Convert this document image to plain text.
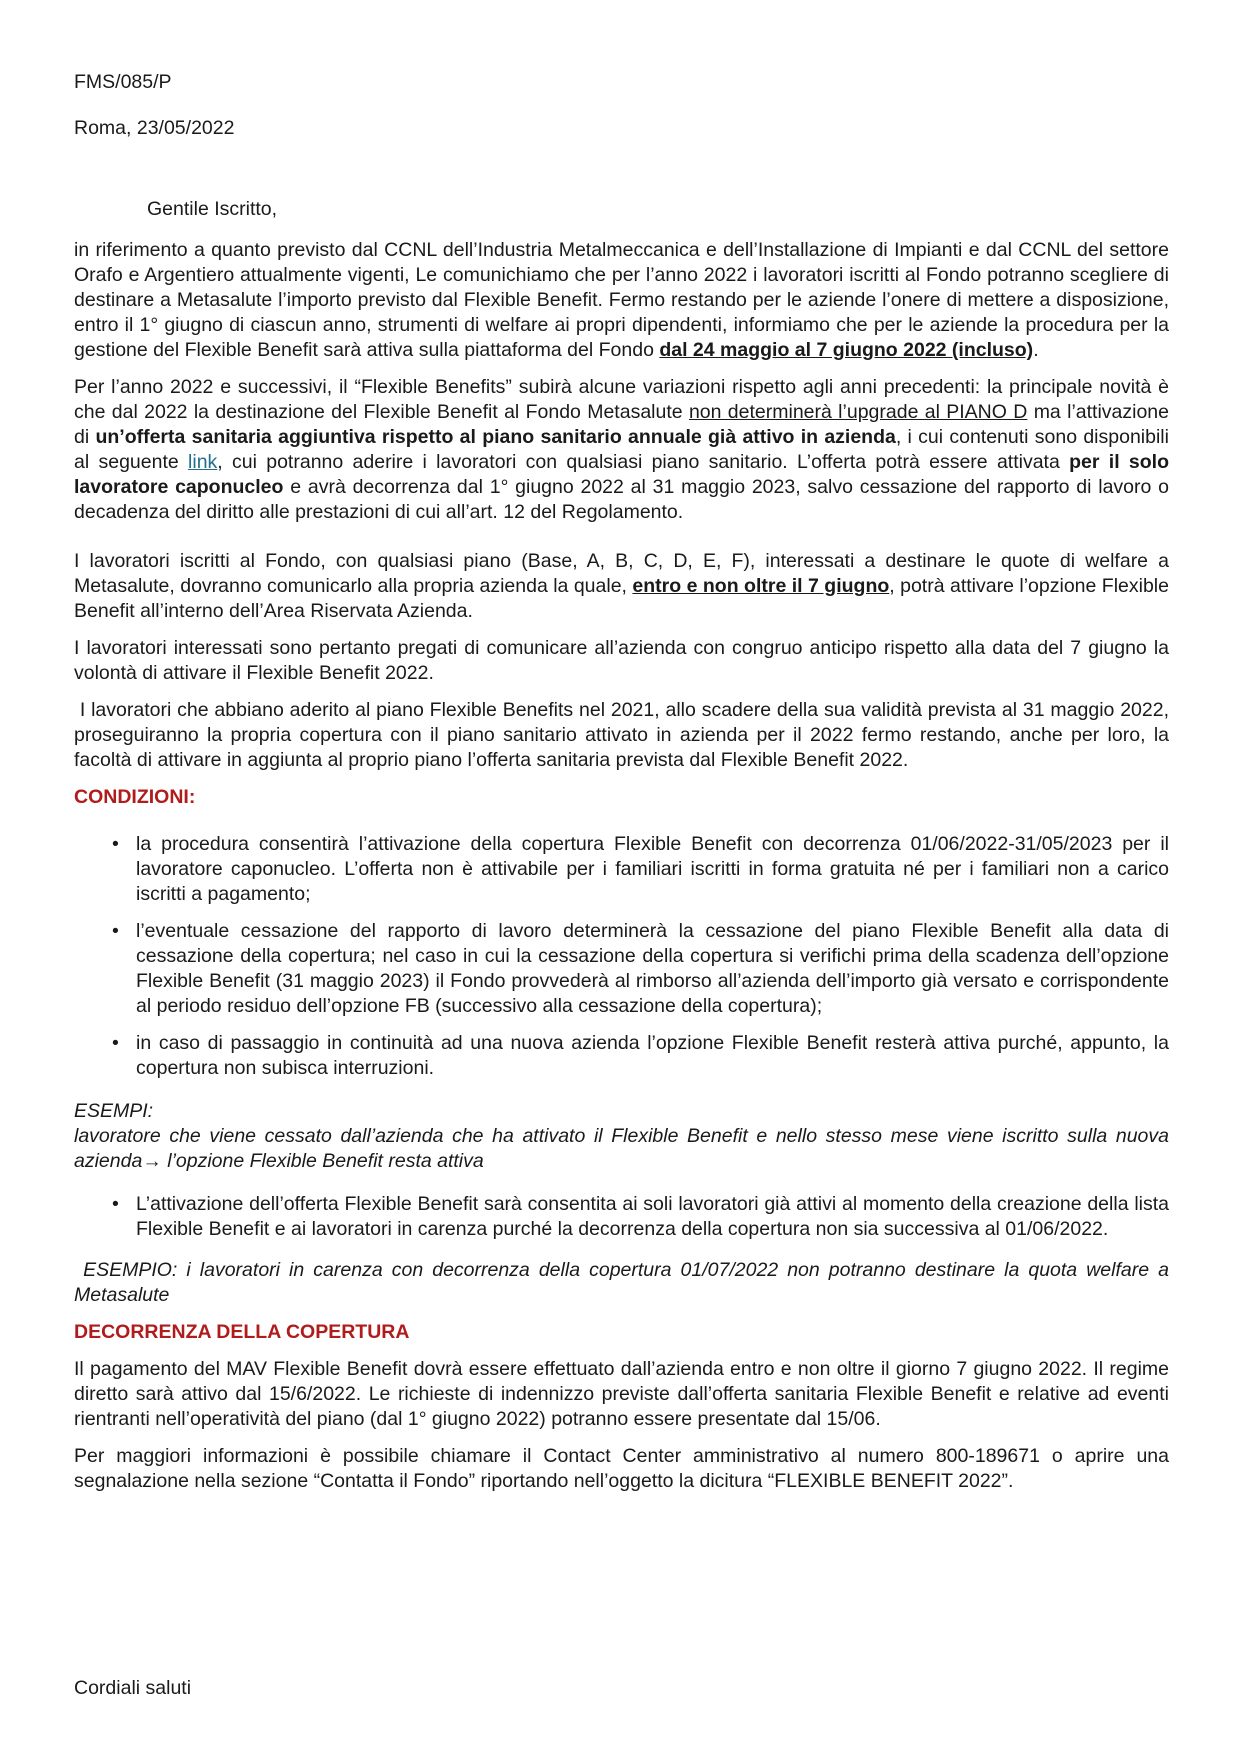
FMS/085/P
Roma, 23/05/2022
Gentile Iscritto,

in riferimento a quanto previsto dal CCNL dell’Industria Metalmeccanica e dell’Installazione di Impianti e dal CCNL del settore Orafo e Argentiero attualmente vigenti, Le comunichiamo che per l’anno 2022 i lavoratori iscritti al Fondo potranno scegliere di destinare a Metasalute l’importo previsto dal Flexible Benefit. Fermo restando per le aziende l’onere di mettere a disposizione, entro il 1° giugno di ciascun anno, strumenti di welfare ai propri dipendenti, informiamo che per le aziende la procedura per la gestione del Flexible Benefit sarà attiva sulla piattaforma del Fondo dal 24 maggio al 7 giugno 2022 (incluso).

Per l’anno 2022 e successivi, il “Flexible Benefits” subirà alcune variazioni rispetto agli anni precedenti: la principale novità è che dal 2022 la destinazione del Flexible Benefit al Fondo Metasalute non determinerà l’upgrade al PIANO D ma l’attivazione di un’offerta sanitaria aggiuntiva rispetto al piano sanitario annuale già attivo in azienda, i cui contenuti sono disponibili al seguente link, cui potranno aderire i lavoratori con qualsiasi piano sanitario. L’offerta potrà essere attivata per il solo lavoratore caponucleo e avrà decorrenza dal 1° giugno 2022 al 31 maggio 2023, salvo cessazione del rapporto di lavoro o decadenza del diritto alle prestazioni di cui all’art. 12 del Regolamento.

I lavoratori iscritti al Fondo, con qualsiasi piano (Base, A, B, C, D, E, F), interessati a destinare le quote di welfare a Metasalute, dovranno comunicarlo alla propria azienda la quale, entro e non oltre il 7 giugno, potrà attivare l’opzione Flexible Benefit all’interno dell’Area Riservata Azienda.

I lavoratori interessati sono pertanto pregati di comunicare all’azienda con congruo anticipo rispetto alla data del 7 giugno la volontà di attivare il Flexible Benefit 2022.

I lavoratori che abbiano aderito al piano Flexible Benefits nel 2021, allo scadere della sua validità prevista al 31 maggio 2022, proseguiranno la propria copertura con il piano sanitario attivato in azienda per il 2022 fermo restando, anche per loro, la facoltà di attivare in aggiunta al proprio piano l’offerta sanitaria prevista dal Flexible Benefit 2022.

CONDIZIONI:

• la procedura consentirà l’attivazione della copertura Flexible Benefit con decorrenza 01/06/2022-31/05/2023 per il lavoratore caponucleo. L’offerta non è attivabile per i familiari iscritti in forma gratuita né per i familiari non a carico iscritti a pagamento;
• l’eventuale cessazione del rapporto di lavoro determinerà la cessazione del piano Flexible Benefit alla data di cessazione della copertura; nel caso in cui la cessazione della copertura si verifichi prima della scadenza dell’opzione Flexible Benefit (31 maggio 2023) il Fondo provvederà al rimborso all’azienda dell’importo già versato e corrispondente al periodo residuo dell’opzione FB (successivo alla cessazione della copertura);
• in caso di passaggio in continuità ad una nuova azienda l’opzione Flexible Benefit resterà attiva purché, appunto, la copertura non subisca interruzioni.

ESEMPI:

lavoratore che viene cessato dall’azienda che ha attivato il Flexible Benefit e nello stesso mese viene iscritto sulla nuova azienda→ l’opzione Flexible Benefit resta attiva

• L’attivazione dell’offerta Flexible Benefit sarà consentita ai soli lavoratori già attivi al momento della creazione della lista Flexible Benefit e ai lavoratori in carenza purché la decorrenza della copertura non sia successiva al 01/06/2022.

ESEMPIO: i lavoratori in carenza con decorrenza della copertura 01/07/2022 non potranno destinare la quota welfare a Metasalute

DECORRENZA DELLA COPERTURA

Il pagamento del MAV Flexible Benefit dovrà essere effettuato dall’azienda entro e non oltre il giorno 7 giugno 2022. Il regime diretto sarà attivo dal 15/6/2022. Le richieste di indennizzo previste dall’offerta sanitaria Flexible Benefit e relative ad eventi rientranti nell’operatività del piano (dal 1° giugno 2022) potranno essere presentate dal 15/06.

Per maggiori informazioni è possibile chiamare il Contact Center amministrativo al numero 800-189671 o aprire una segnalazione nella sezione “Contatta il Fondo” riportando nell’oggetto la dicitura “FLEXIBLE BENEFIT 2022”.

Cordiali saluti
